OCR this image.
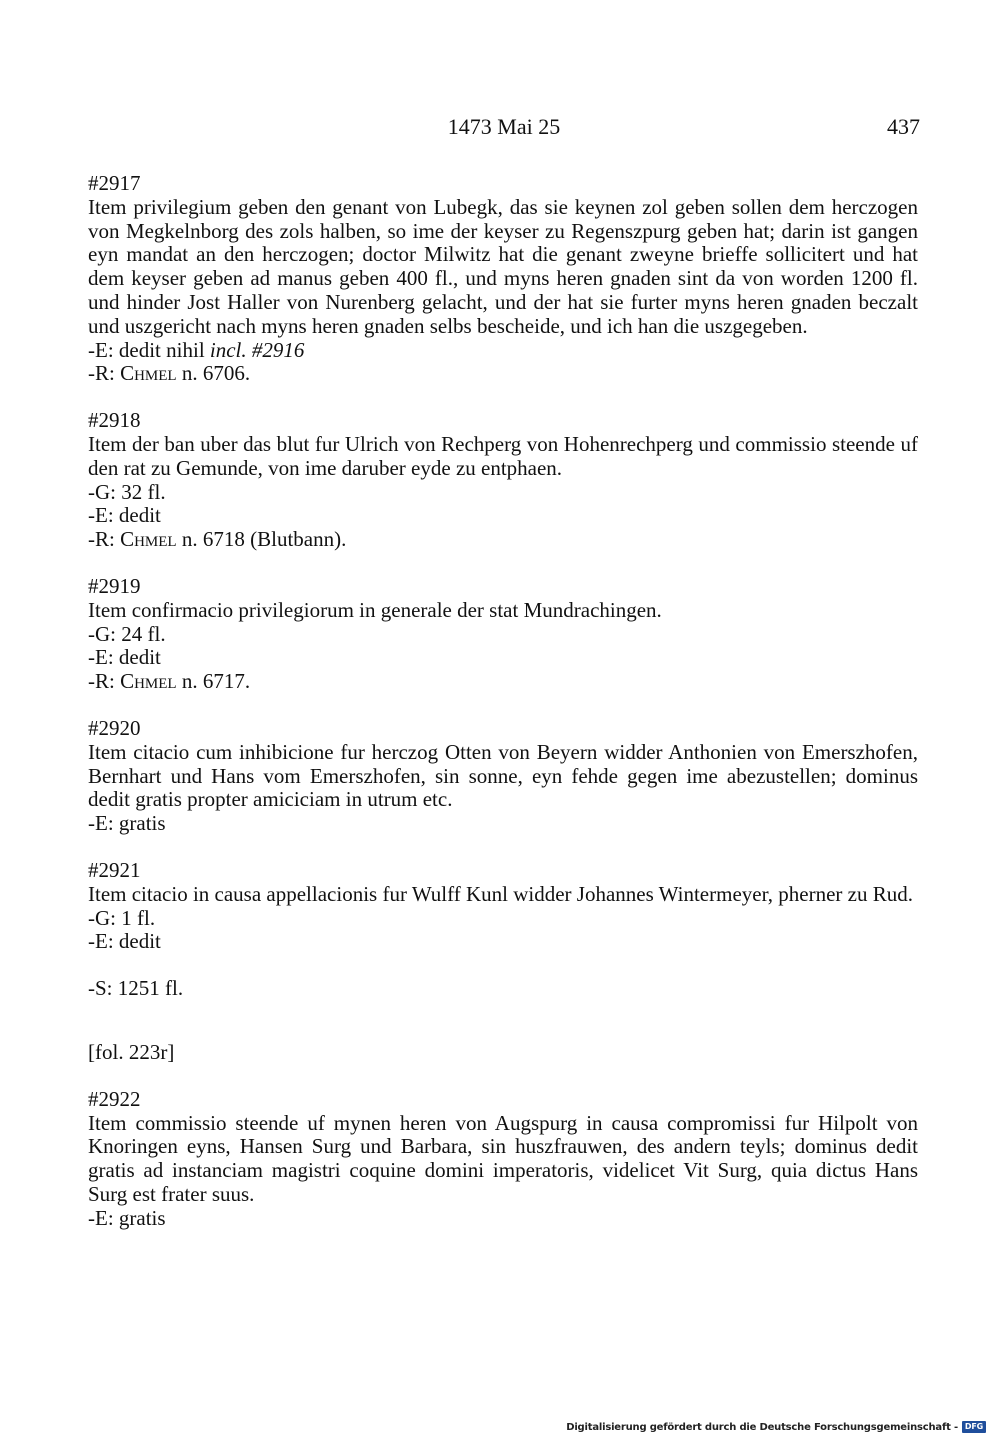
1473 Mai 25	437
#2917
Item privilegium geben den genant von Lubegk, das sie keynen zol geben sollen dem herczogen von Megkelnborg des zols halben, so ime der keyser zu Regenszpurg geben hat; darin ist gangen eyn mandat an den herczogen; doctor Milwitz hat die genant zweyne brieffe sollicitert und hat dem keyser geben ad manus geben 400 fl., und myns heren gnaden sint da von worden 1200 fl. und hinder Jost Haller von Nurenberg gelacht, und der hat sie furter myns heren gnaden beczalt und uszgericht nach myns heren gnaden selbs bescheide, und ich han die uszgegeben.
-E: dedit nihil incl. #2916
-R: Chmel n. 6706.
#2918
Item der ban uber das blut fur Ulrich von Rechperg von Hohenrechperg und commissio steende uf den rat zu Gemunde, von ime daruber eyde zu entphaen.
-G: 32 fl.
-E: dedit
-R: Chmel n. 6718 (Blutbann).
#2919
Item confirmacio privilegiorum in generale der stat Mundrachingen.
-G: 24 fl.
-E: dedit
-R: Chmel n. 6717.
#2920
Item citacio cum inhibicione fur herczog Otten von Beyern widder Anthonien von Emerszhofen, Bernhart und Hans vom Emerszhofen, sin sonne, eyn fehde gegen ime abezustellen; dominus dedit gratis propter amiciciam in utrum etc.
-E: gratis
#2921
Item citacio in causa appellacionis fur Wulff Kunl widder Johannes Wintermeyer, pherner zu Rud.
-G: 1 fl.
-E: dedit
-S: 1251 fl.
[fol. 223r]
#2922
Item commissio steende uf mynen heren von Augspurg in causa compromissi fur Hilpolt von Knoringen eyns, Hansen Surg und Barbara, sin huszfrauwen, des andern teyls; dominus dedit gratis ad instanciam magistri coquine domini imperatoris, videlicet Vit Surg, quia dictus Hans Surg est frater suus.
-E: gratis
Digitalisierung gefördert durch die Deutsche Forschungsgemeinschaft - DFG
